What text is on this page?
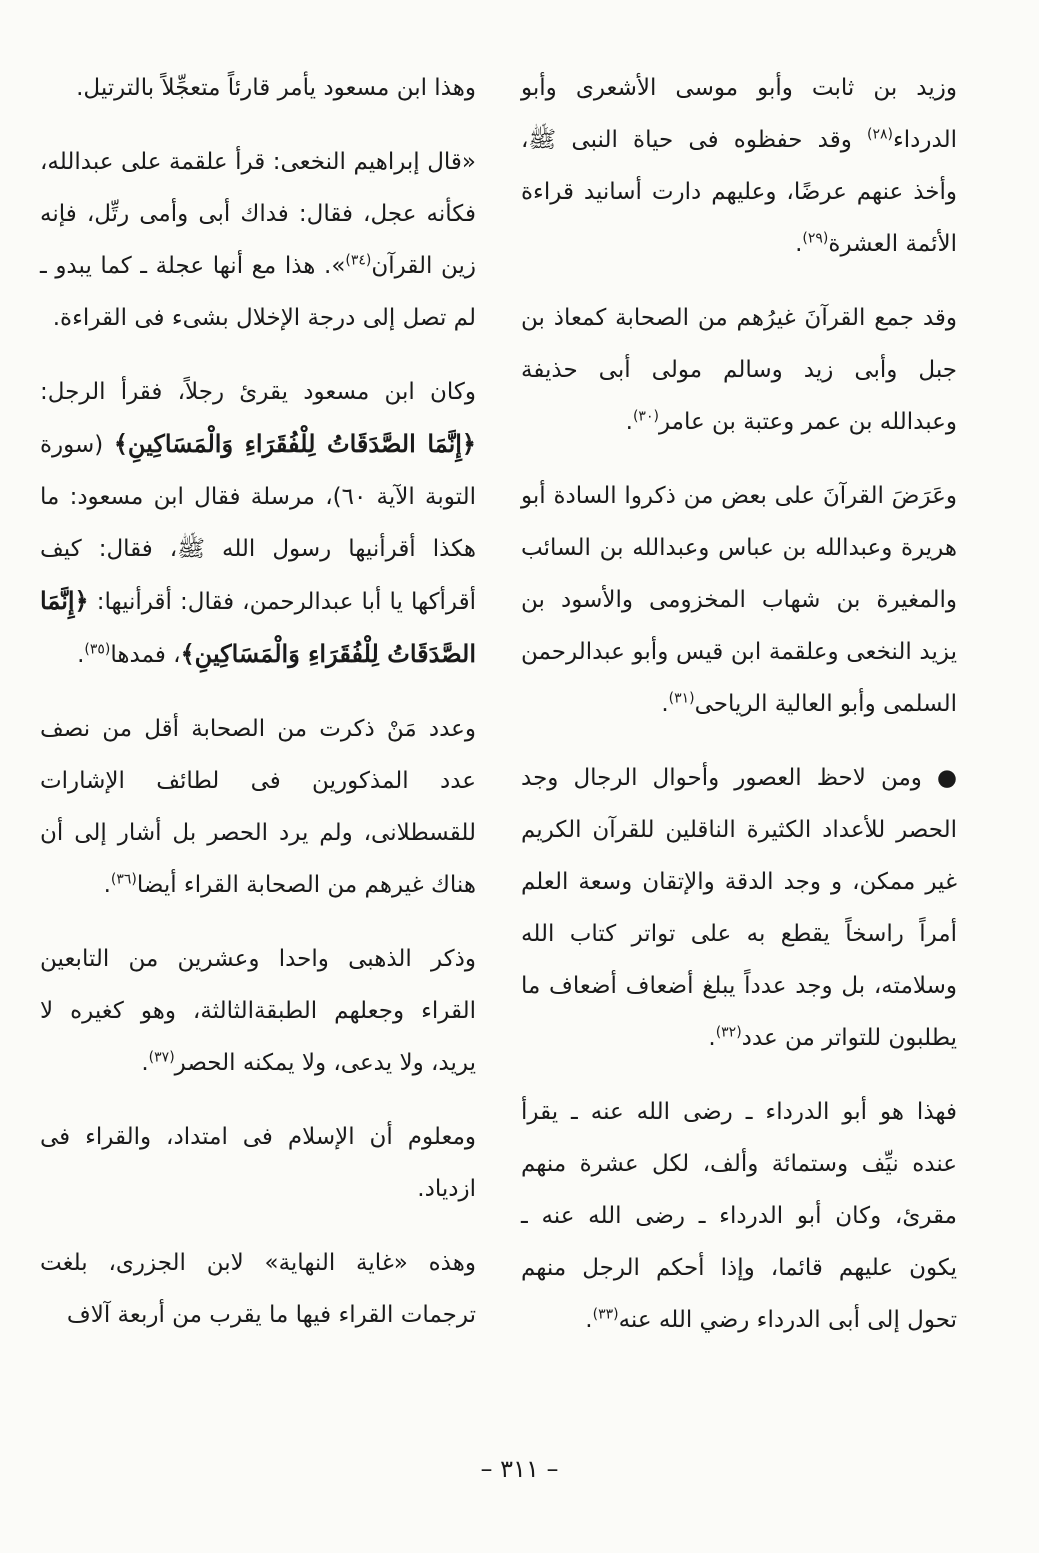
وزيد بن ثابت وأبو موسى الأشعرى وأبو الدرداء$^{(٢٨)}$ وقد حفظوه فى حياة النبى ﷺ، وأخذ عنهم عرضًا، وعليهم دارت أسانيد قراءة الأئمة العشرة$^{(٢٩)}$.

وقد جمع القرآنَ غيرُهم من الصحابة كمعاذ بن جبل وأبى زيد وسالم مولى أبى حذيفة وعبدالله بن عمر وعتبة بن عامر$^{(٣٠)}$.

وعَرَضَ القرآنَ على بعض من ذكروا السادة أبو هريرة وعبدالله بن عباس وعبدالله بن السائب والمغيرة بن شهاب المخزومى والأسود بن يزيد النخعى وعلقمة ابن قيس وأبو عبدالرحمن السلمى وأبو العالية الرياحى$^{(٣١)}$.

● ومن لاحظ العصور وأحوال الرجال وجد الحصر للأعداد الكثيرة الناقلين للقرآن الكريم غير ممكن، و وجد الدقة والإتقان وسعة العلم أمراً راسخاً يقطع به على تواتر كتاب الله وسلامته، بل وجد عدداً يبلغ أضعاف أضعاف ما يطلبون للتواتر من عدد$^{(٣٢)}$.

فهذا هو أبو الدرداء ـ رضى الله عنه ـ يقرأ عنده نيِّف وستمائة وألف، لكل عشرة منهم مقرئ، وكان أبو الدرداء ـ رضى الله عنه ـ يكون عليهم قائما، وإذا أحكم الرجل منهم تحول إلى أبى الدرداء رضي الله عنه$^{(٣٣)}$.

وهذا ابن مسعود يأمر قارئاً متعجِّلاً بالترتيل.

«قال إبراهيم النخعى: قرأ علقمة على عبدالله، فكأنه عجل، فقال: فداك أبى وأمى رتِّل، فإنه زين القرآن$^{(٣٤)}$». هذا مع أنها عجلة ـ كما يبدو ـ لم تصل إلى درجة الإخلال بشىء فى القراءة.

وكان ابن مسعود يقرئ رجلاً، فقرأ الرجل: ﴿إِنَّمَا الصَّدَقَاتُ لِلْفُقَرَاءِ وَالْمَسَاكِينِ﴾ (سورة التوبة الآية ٦٠)، مرسلة فقال ابن مسعود: ما هكذا أقرأنيها رسول الله ﷺ، فقال: كيف أقرأكها يا أبا عبدالرحمن، فقال: أقرأنيها: ﴿إِنَّمَا الصَّدَقَاتُ لِلْفُقَرَاءِ وَالْمَسَاكِينِ﴾، فمدها$^{(٣٥)}$.

وعدد مَنْ ذكرت من الصحابة أقل من نصف عدد المذكورين فى لطائف الإشارات للقسطلانى، ولم يرد الحصر بل أشار إلى أن هناك غيرهم من الصحابة القراء أيضا$^{(٣٦)}$.

وذكر الذهبى واحدا وعشرين من التابعين القراء وجعلهم الطبقةالثالثة، وهو كغيره لا يريد، ولا يدعى، ولا يمكنه الحصر$^{(٣٧)}$.

ومعلوم أن الإسلام فى امتداد، والقراء فى ازدياد.

وهذه «غاية النهاية» لابن الجزرى، بلغت ترجمات القراء فيها ما يقرب من أربعة آلاف

– ٣١١ –
